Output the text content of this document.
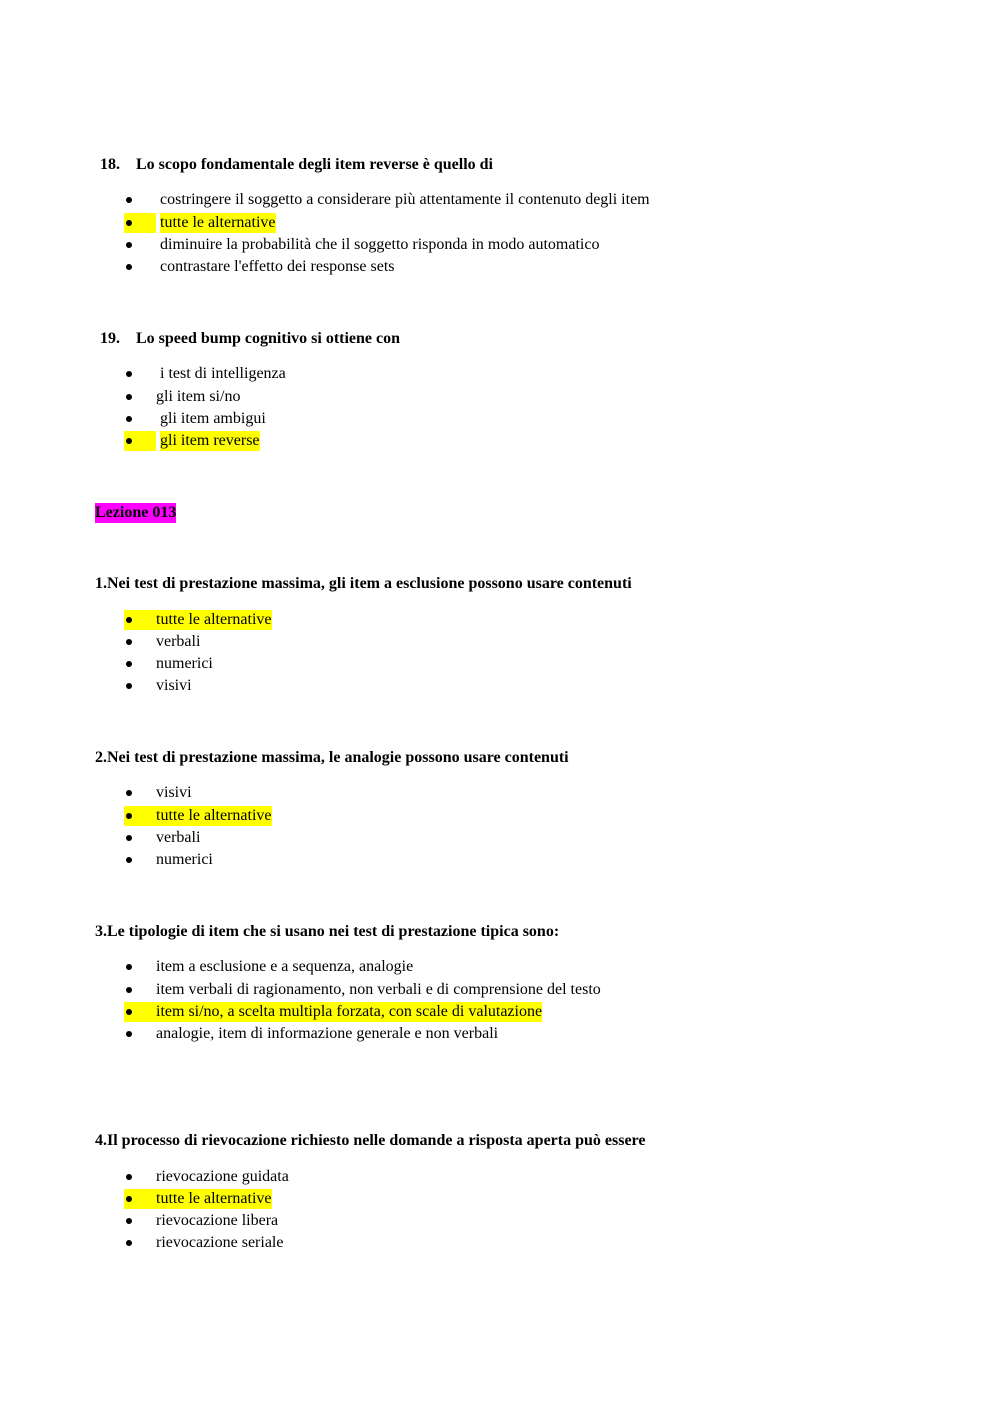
18. Lo scopo fondamentale degli item reverse è quello di
costringere il soggetto a considerare più attentamente il contenuto degli item
tutte le alternative
diminuire la probabilità che il soggetto risponda in modo automatico
contrastare l'effetto dei response sets
19. Lo speed bump cognitivo si ottiene con
i test di intelligenza
gli item si/no
gli item ambigui
gli item reverse
Lezione 013
1.Nei test di prestazione massima, gli item a esclusione possono usare contenuti
tutte le alternative
verbali
numerici
visivi
2.Nei test di prestazione massima, le analogie possono usare contenuti
visivi
tutte le alternative
verbali
numerici
3.Le tipologie di item che si usano nei test di prestazione tipica sono:
item a esclusione e a sequenza, analogie
item verbali di ragionamento, non verbali e di comprensione del testo
item si/no, a scelta multipla forzata, con scale di valutazione
analogie, item di informazione generale e non verbali
4.Il processo di rievocazione richiesto nelle domande a risposta aperta può essere
rievocazione guidata
tutte le alternative
rievocazione libera
rievocazione seriale
